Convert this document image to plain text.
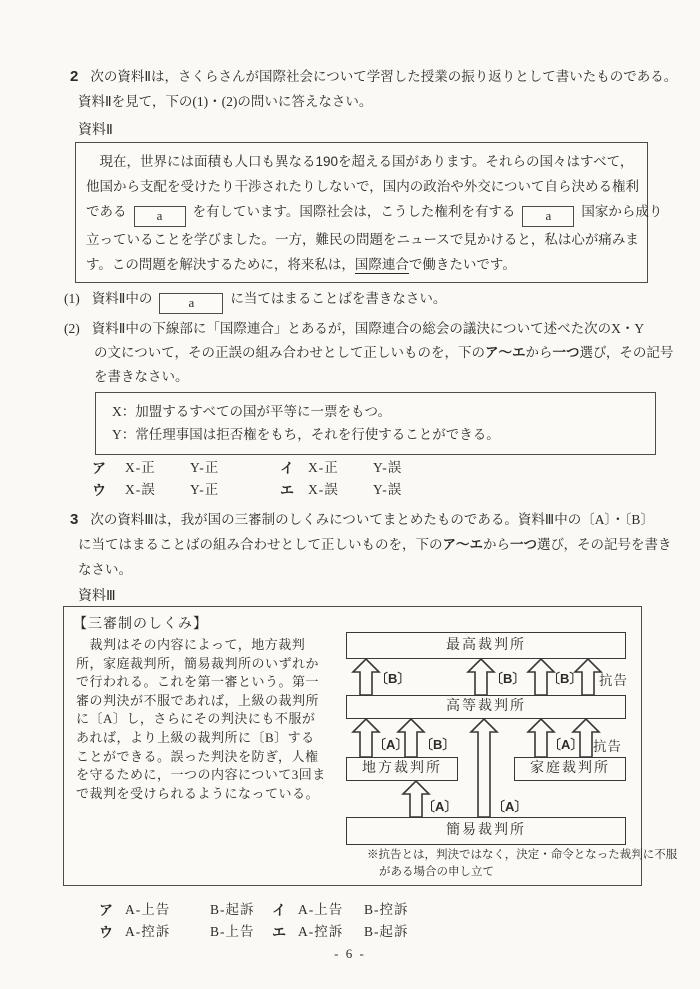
2 次の資料Ⅱは，さくらさんが国際社会について学習した授業の振り返りとして書いたものである。
資料Ⅱを見て，下の(1)・(2)の問いに答えなさい。
資料Ⅱ
　現在，世界には面積も人口も異なる190を超える国があります。それらの国々はすべて，
他国から支配を受けたり干渉されたりしないで，国内の政治や外交について自ら決める権利
である a を有しています。国際社会は，こうした権利を有する a 国家から成り
立っていることを学びました。一方，難民の問題をニュースで見かけると，私は心が痛みま
す。この問題を解決するために，将来私は，国際連合で働きたいです。
(1) 資料Ⅱ中の	a	に当てはまることばを書きなさい。
(2) 資料Ⅱ中の下線部に「国際連合」とあるが，国際連合の総会の議決について述べた次のX・Y
の文について，その正誤の組み合わせとして正しいものを，下のア～エから一つ選び，その記号
を書きなさい。
X：加盟するすべての国が平等に一票をもつ。
Y：常任理事国は拒否権をもち，それを行使することができる。
ア	X-正	Y-正	イ	X-正	Y-誤
ウ	X-誤	Y-正	エ	X-誤	Y-誤
3 次の資料Ⅲは，我が国の三審制のしくみについてまとめたものである。資料Ⅲ中の〔A〕・〔B〕
に当てはまることばの組み合わせとして正しいものを，下のア～エから一つ選び，その記号を書き
なさい。
資料Ⅲ
【三審制のしくみ】
　裁判はその内容によって，地方裁判
所，家庭裁判所，簡易裁判所のいずれか
で行われる。これを第一審という。第一
審の判決が不服であれば，上級の裁判所
に〔A〕し，さらにその判決にも不服が
あれば，より上級の裁判所に〔B〕する
ことができる。誤った判決を防ぎ，人権
を守るために，一つの内容について3回ま
で裁判を受けられるようになっている。
最高裁判所
高等裁判所
地方裁判所	家庭裁判所
簡易裁判所
〔B〕	〔B〕 〔B〕 抗告
〔A〕 〔B〕	〔A〕 抗告
〔A〕	〔A〕
※抗告とは，判決ではなく，決定・命令となった裁判に不服
がある場合の申し立て
ア A-上告	B-起訴	イ A-上告	B-控訴
ウ A-控訴	B-上告	エ A-控訴	B-起訴
- 6 -
